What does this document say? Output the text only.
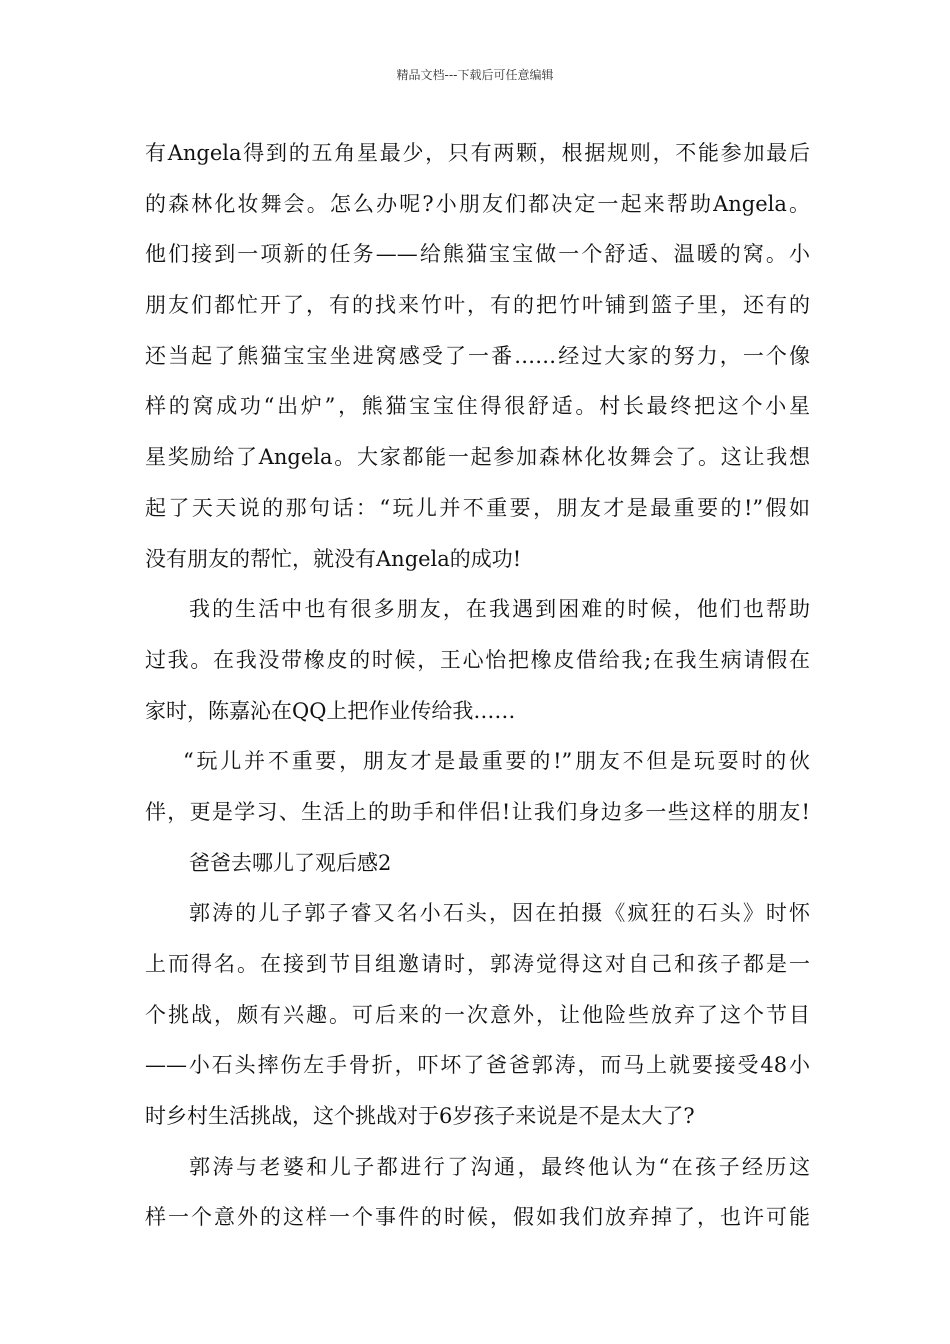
精品文档---下载后可任意编辑
有Angela得到的五角星最少，只有两颗，根据规则，不能参加最后
的森林化妆舞会。怎么办呢?小朋友们都决定一起来帮助Angela。
他们接到一项新的任务——给熊猫宝宝做一个舒适、温暖的窝。小
朋友们都忙开了，有的找来竹叶，有的把竹叶铺到篮子里，还有的
还当起了熊猫宝宝坐进窝感受了一番……经过大家的努力，一个像
样的窝成功“出炉”，熊猫宝宝住得很舒适。村长最终把这个小星
星奖励给了Angela。大家都能一起参加森林化妆舞会了。这让我想
起了天天说的那句话：“玩儿并不重要，朋友才是最重要的!”假如
没有朋友的帮忙，就没有Angela的成功!
我的生活中也有很多朋友，在我遇到困难的时候，他们也帮助
过我。在我没带橡皮的时候，王心怡把橡皮借给我;在我生病请假在
家时，陈嘉沁在QQ上把作业传给我……
“玩儿并不重要，朋友才是最重要的!”朋友不但是玩耍时的伙
伴，更是学习、生活上的助手和伴侣!让我们身边多一些这样的朋友!
爸爸去哪儿了观后感2
郭涛的儿子郭子睿又名小石头，因在拍摄《疯狂的石头》时怀
上而得名。在接到节目组邀请时，郭涛觉得这对自己和孩子都是一
个挑战，颇有兴趣。可后来的一次意外，让他险些放弃了这个节目
——小石头摔伤左手骨折，吓坏了爸爸郭涛，而马上就要接受48小
时乡村生活挑战，这个挑战对于6岁孩子来说是不是太大了?
郭涛与老婆和儿子都进行了沟通，最终他认为“在孩子经历这
样一个意外的这样一个事件的时候，假如我们放弃掉了，也许可能
